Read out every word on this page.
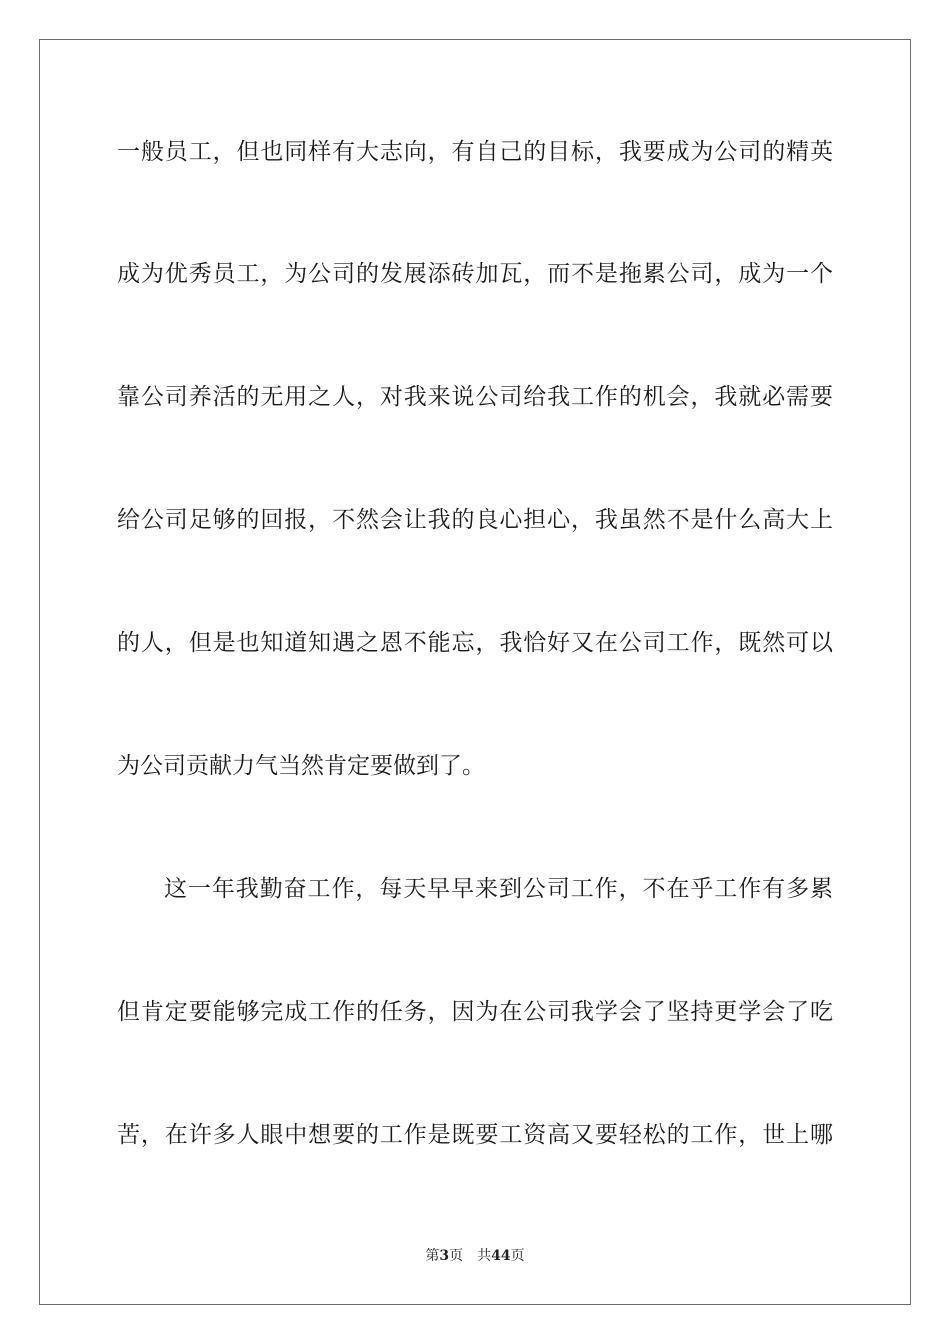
一般员工，但也同样有大志向，有自己的目标，我要成为公司的精英
成为优秀员工，为公司的发展添砖加瓦，而不是拖累公司，成为一个
靠公司养活的无用之人，对我来说公司给我工作的机会，我就必需要
给公司足够的回报，不然会让我的良心担心，我虽然不是什么高大上
的人，但是也知道知遇之恩不能忘，我恰好又在公司工作，既然可以
为公司贡献力气当然肯定要做到了。
这一年我勤奋工作，每天早早来到公司工作，不在乎工作有多累
但肯定要能够完成工作的任务，因为在公司我学会了坚持更学会了吃
苦，在许多人眼中想要的工作是既要工资高又要轻松的工作，世上哪
第3页 共44页
